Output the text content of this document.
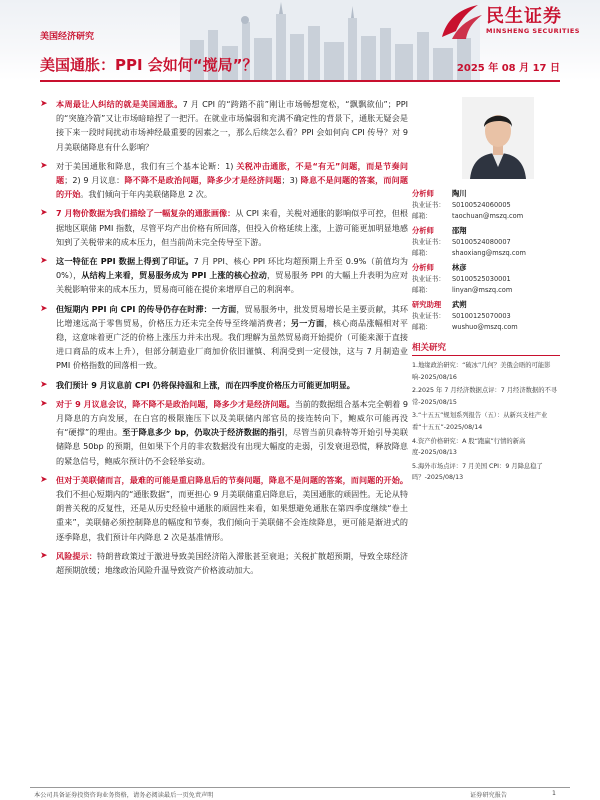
美国经济研究
美国通胀：PPI 会如何“搅局”？	2025 年 08 月 17 日
民生证券
MINSHENG SECURITIES
➤ 本周最让人纠结的就是美国通胀。7 月 CPI 的“跨踏不前”刚让市场畅想宽松，“飘飘欲仙”；PPI 的“突施冷箭”又让市场暗暗捏了一把汗。在就业市场偏弱和充满不确定性的背景下，通胀无疑会是接下来一段时间扰动市场神经最重要的因素之一，那么后续怎么看？PPI 会如何向 CPI 传导？对 9 月美联储降息有什么影响？
➤ 对于美国通胀和降息，我们有三个基本论断：1) 关税冲击通胀，不是“有无”问题，而是节奏问题；2) 9 月议息：降不降不是政治问题，降多少才是经济问题；3) 降息不是问题的答案，而问题的开始。我们倾向于年内美联储降息 2 次。
➤ 7 月物价数据为我们描绘了一幅复杂的通胀画像：从 CPI 来看，关税对通胀的影响似乎可控，但根据地区联储 PMI 指数，尽管平均产出价格有所回落，但投入价格延续上涨，上游可能更加明显地感知到了关税带来的成本压力，但当前尚未完全传导至下游。
➤ 这一特征在 PPI 数据上得到了印证。7 月 PPI、核心 PPI 环比均超预期上升至 0.9%（前值均为 0%），从结构上来看，贸易服务成为 PPI 上涨的核心拉动，贸易服务 PPI 的大幅上升表明为应对关税影响带来的成本压力，贸易商可能在提价来增厚自己的利润率。
➤ 但短期内 PPI 向 CPI 的传导仍存在时滞：一方面，贸易服务中，批发贸易增长是主要贡献，其环比增速远高于零售贸易，价格压力还未完全传导至终端消费者；另一方面，核心商品涨幅相对平稳，这意味着更广泛的价格上涨压力并未出现。我们理解为虽然贸易商开始提价（可能来源于直接进口商品的成本上升），但部分制造业厂商加价依旧谨慎、利润受到一定侵蚀，这与 7 月制造业 PMI 价格指数的回落相一致。
➤ 我们预计 9 月议息前 CPI 仍将保持温和上涨，而在四季度价格压力可能更加明显。
➤ 对于 9 月议息会议，降不降不是政治问题，降多少才是经济问题。当前的数据组合基本完全朝着 9 月降息的方向发展，在白宫的极限施压下以及美联储内部官员的接连转向下，鲍威尔可能再没有“硬撑”的理由。至于降息多少 bp，仍取决于经济数据的指引，尽管当前贝森特等开始引导美联储降息 50bp 的预期，但如果下个月的非农数据没有出现大幅度的走弱，引发衰退恐慌，释放降息的紧急信号，鲍威尔预计仍不会轻举妄动。
➤ 但对于美联储而言，最难的可能是重启降息后的节奏问题，降息不是问题的答案，而问题的开始。我们不担心短期内的“通胀数据”，而更担心 9 月美联储重启降息后，美国通胀的顽固性。无论从特朗普关税的反复性，还是从历史经验中通胀的顽固性来看，如果想避免通胀在第四季度继续“卷土重来”，美联储必须控制降息的幅度和节奏，我们倾向于美联储不会连续降息，更可能是渐进式的逐季降息，我们预计年内降息 2 次是基准情形。
➤ 风险提示：特朗普政策过于激进导致美国经济陷入滞胀甚至衰退；关税扩散超预期，导致全球经济超预期放缓；地缘政治风险升温导致资产价格波动加大。
分析师 陶川
执业证书： S0100524060005
邮箱：	taochuan@mszq.com
分析师 邵翔
执业证书： S0100524080007
邮箱：	shaoxiang@mszq.com
分析师 林彦
执业证书： S0100525030001
邮箱：	linyan@mszq.com
研究助理 武朔
执业证书： S0100125070003
邮箱：	wushuo@mszq.com
相关研究
1.地缘政治研究：“破冰”几何？美俄会晤的可能影响-2025/08/16
2.2025 年 7 月经济数据点评：7 月经济数据的不寻常-2025/08/15
3.“十五五”规划系列报告（五）：从新兴支柱产业看“十五五”-2025/08/14
4.资产价格研究：A 股“跑赢”行情的新高度-2025/08/13
5.海外市场点评：7 月美国 CPI：9 月降息稳了吗？-2025/08/13
本公司具备证券投资咨询业务资格，请务必阅读最后一页免责声明	证券研究报告	1
